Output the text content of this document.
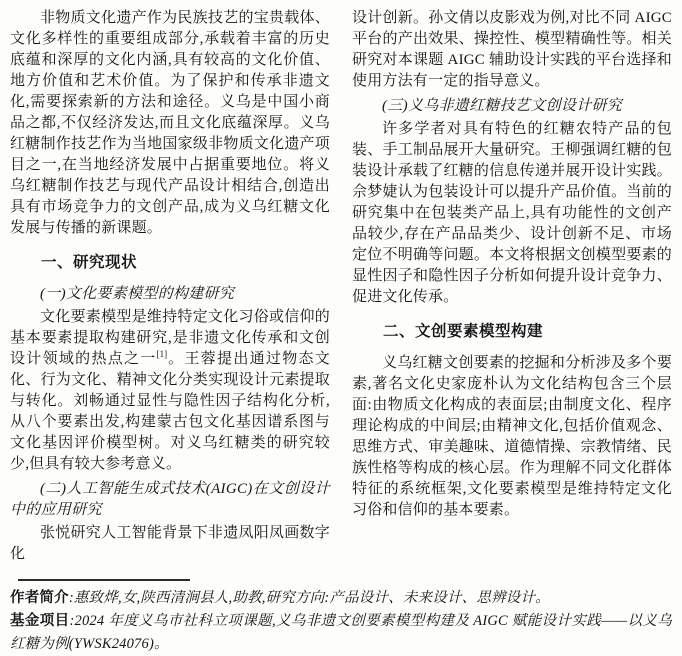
非物质文化遗产作为民族技艺的宝贵载体、文化多样性的重要组成部分,承载着丰富的历史底蕴和深厚的文化内涵,具有较高的文化价值、地方价值和艺术价值。为了保护和传承非遗文化,需要探索新的方法和途径。义乌是中国小商品之都,不仅经济发达,而且文化底蕴深厚。义乌红糖制作技艺作为当地国家级非物质文化遗产项目之一,在当地经济发展中占据重要地位。将义乌红糖制作技艺与现代产品设计相结合,创造出具有市场竞争力的文创产品,成为义乌红糖文化发展与传播的新课题。

一、研究现状
(一)文化要素模型的构建研究

文化要素模型是维持特定文化习俗或信仰的基本要素提取构建研究,是非遗文化传承和文创设计领域的热点之一[1]。王蓉提出通过物态文化、行为文化、精神文化分类实现设计元素提取与转化。刘畅通过显性与隐性因子结构化分析,从八个要素出发,构建蒙古包文化基因谱系图与文化基因评价模型树。对义乌红糖类的研究较少,但具有较大参考意义。

(二)人工智能生成式技术(AIGC)在文创设计中的应用研究

张悦研究人工智能背景下非遗凤阳凤画数字化

设计创新。孙文倩以皮影戏为例,对比不同 AIGC 平台的产出效果、操控性、模型精确性等。相关研究对本课题 AIGC 辅助设计实践的平台选择和使用方法有一定的指导意义。

(三)义乌非遗红糖技艺文创设计研究

许多学者对具有特色的红糖农特产品的包装、手工制品展开大量研究。王柳强调红糖的包装设计承载了红糖的信息传递并展开设计实践。佘梦婕认为包装设计可以提升产品价值。当前的研究集中在包装类产品上,具有功能性的文创产品较少,存在产品品类少、设计创新不足、市场定位不明确等问题。本文将根据文创模型要素的显性因子和隐性因子分析如何提升设计竞争力、促进文化传承。

二、文创要素模型构建

义乌红糖文创要素的挖掘和分析涉及多个要素,著名文化史家庞朴认为文化结构包含三个层面:由物质文化构成的表面层;由制度文化、程序理论构成的中间层;由精神文化,包括价值观念、思维方式、审美趣味、道德情操、宗教情绪、民族性格等构成的核心层。作为理解不同文化群体特征的系统框架,文化要素模型是维持特定文化习俗和信仰的基本要素。

作者简介:惠致烨,女,陕西清涧县人,助教,研究方向:产品设计、未来设计、思辨设计。

基金项目:2024 年度义乌市社科立项课题,义乌非遗文创要素模型构建及 AIGC 赋能设计实践——以义乌红糖为例(YWSK24076)。
